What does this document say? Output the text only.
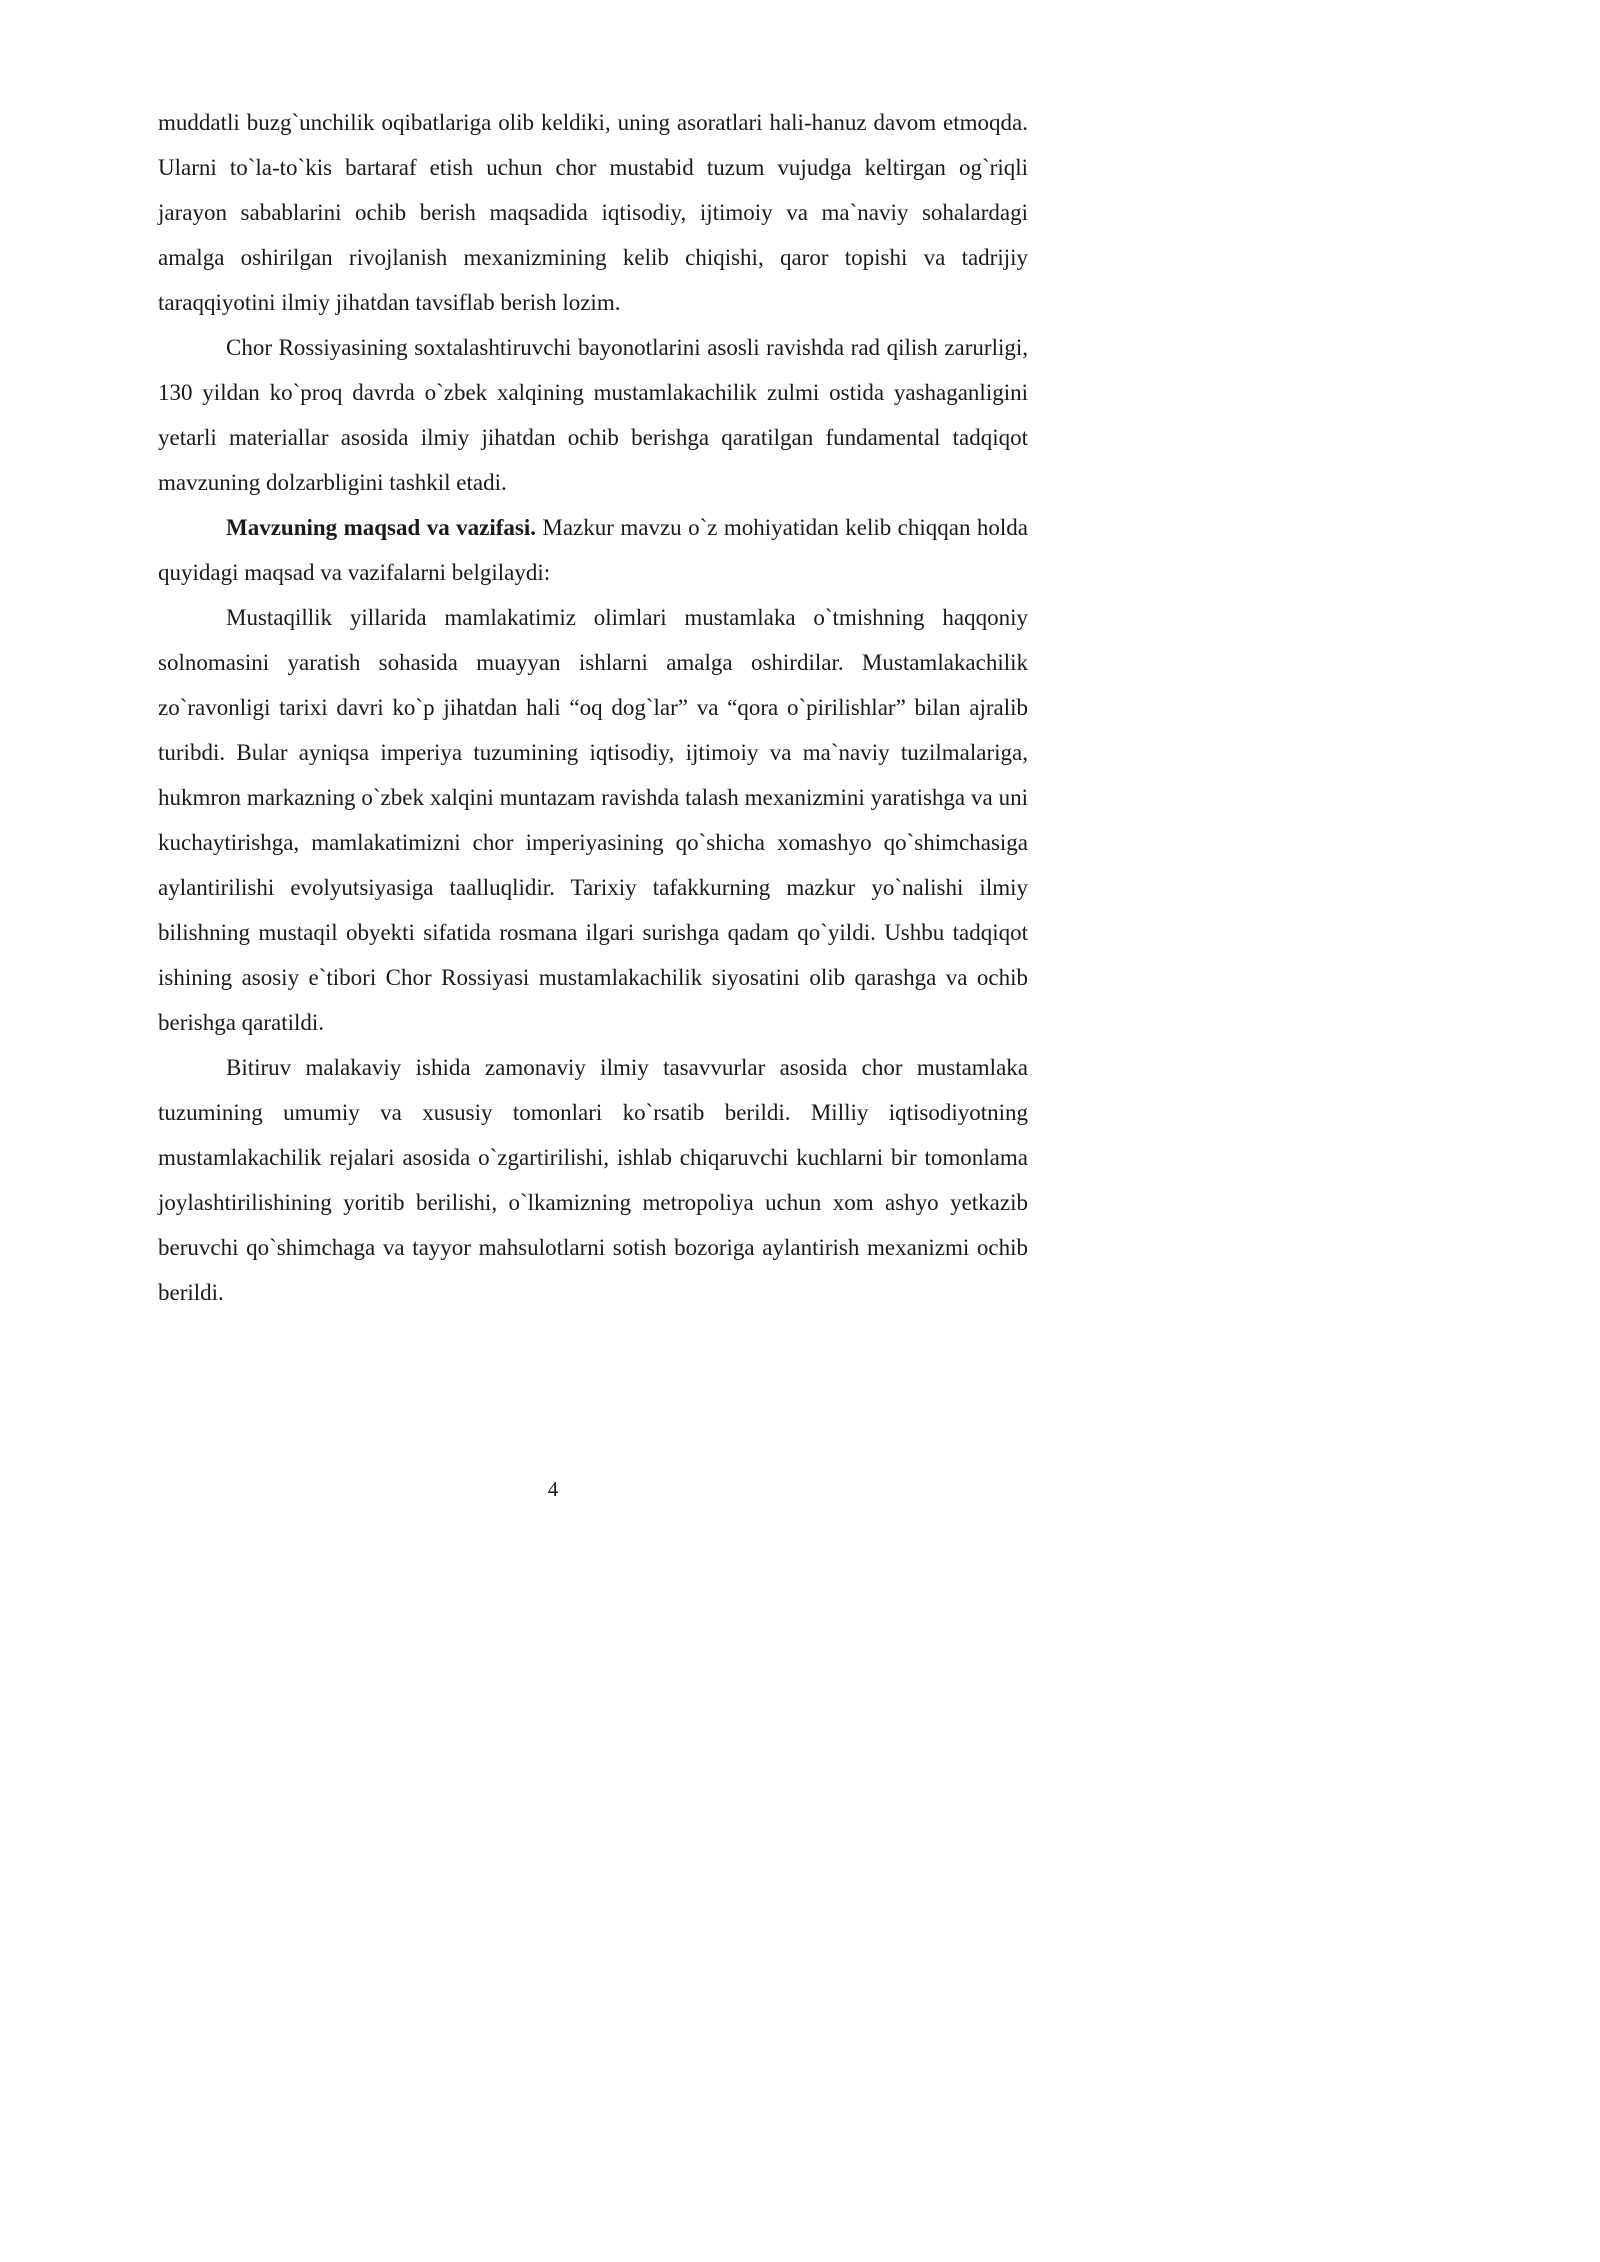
muddatli buzg`unchilik oqibatlariga olib keldiki, uning asoratlari hali-hanuz davom etmoqda. Ularni to`la-to`kis bartaraf etish uchun chor mustabid tuzum vujudga keltirgan og`riqli jarayon sabablarini ochib berish maqsadida iqtisodiy, ijtimoiy va ma`naviy sohalardagi amalga oshirilgan rivojlanish mexanizmining kelib chiqishi, qaror topishi va tadrijiy taraqqiyotini ilmiy jihatdan tavsiflab berish lozim.

Chor Rossiyasining soxtalashtiruvchi bayonotlarini asosli ravishda rad qilish zarurligi, 130 yildan ko`proq davrda o`zbek xalqining mustamlakachilik zulmi ostida yashaganligini yetarli materiallar asosida ilmiy jihatdan ochib berishga qaratilgan fundamental tadqiqot mavzuning dolzarbligini tashkil etadi.

Mavzuning maqsad va vazifasi. Mazkur mavzu o`z mohiyatidan kelib chiqqan holda quyidagi maqsad va vazifalarni belgilaydi:

Mustaqillik yillarida mamlakatimiz olimlari mustamlaka o`tmishning haqqoniy solnomasini yaratish sohasida muayyan ishlarni amalga oshirdilar. Mustamlakachilik zo`ravonligi tarixi davri ko`p jihatdan hali “oq dog`lar” va “qora o`pirilishlar” bilan ajralib turibdi. Bular ayniqsa imperiya tuzumining iqtisodiy, ijtimoiy va ma`naviy tuzilmalariga, hukmron markazning o`zbek xalqini muntazam ravishda talash mexanizmini yaratishga va uni kuchaytirishga, mamlakatimizni chor imperiyasining qo`shicha xomashyo qo`shimchasiga aylantirilishi evolyutsiyasiga taalluqlidir. Tarixiy tafakkurning mazkur yo`nalishi ilmiy bilishning mustaqil obyekti sifatida rosmana ilgari surishga qadam qo`yildi. Ushbu tadqiqot ishining asosiy e`tibori Chor Rossiyasi mustamlakachilik siyosatini olib qarashga va ochib berishga qaratildi.

Bitiruv malakaviy ishida zamonaviy ilmiy tasavvurlar asosida chor mustamlaka tuzumining umumiy va xususiy tomonlari ko`rsatib berildi. Milliy iqtisodiyotning mustamlakachilik rejalari asosida o`zgartirilishi, ishlab chiqaruvchi kuchlarni bir tomonlama joylashtirilishining yoritib berilishi, o`lkamizning metropoliya uchun xom ashyo yetkazib beruvchi qo`shimchaga va tayyor mahsulotlarni sotish bozoriga aylantirish mexanizmi ochib berildi.

4
